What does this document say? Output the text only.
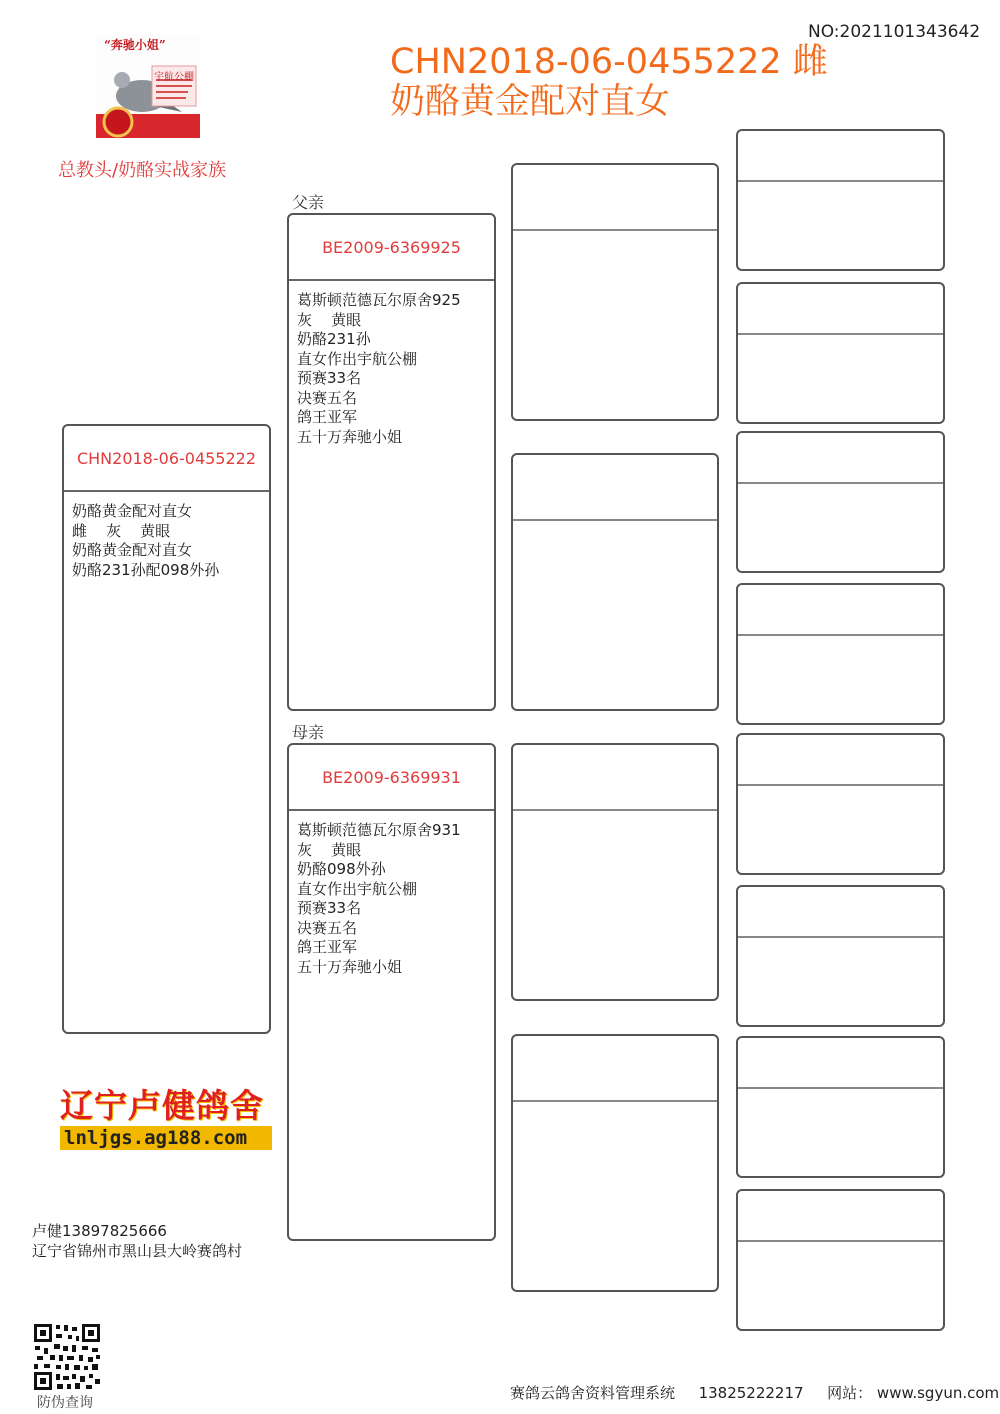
NO:2021101343642
CHN2018-06-0455222 雌
奶酪黄金配对直女
“奔驰小姐”
宇航公棚
总教头/奶酪实战家族
父亲
母亲
CHN2018-06-0455222
奶酪黄金配对直女
雌    灰    黄眼
奶酪黄金配对直女
奶酪231孙配098外孙
BE2009-6369925
葛斯顿范德瓦尔原舍925
灰    黄眼
奶酪231孙
直女作出宇航公棚
预赛33名
决赛五名
鸽王亚军
五十万奔驰小姐
BE2009-6369931
葛斯顿范德瓦尔原舍931
灰    黄眼
奶酪098外孙
直女作出宇航公棚
预赛33名
决赛五名
鸽王亚军
五十万奔驰小姐
辽宁卢健鸽舍
lnljgs.ag188.com
卢健13897825666
辽宁省锦州市黑山县大岭赛鸽村
防伪查询
赛鸽云鸽舍资料管理系统 13825222217 网站： www.sgyun.com
